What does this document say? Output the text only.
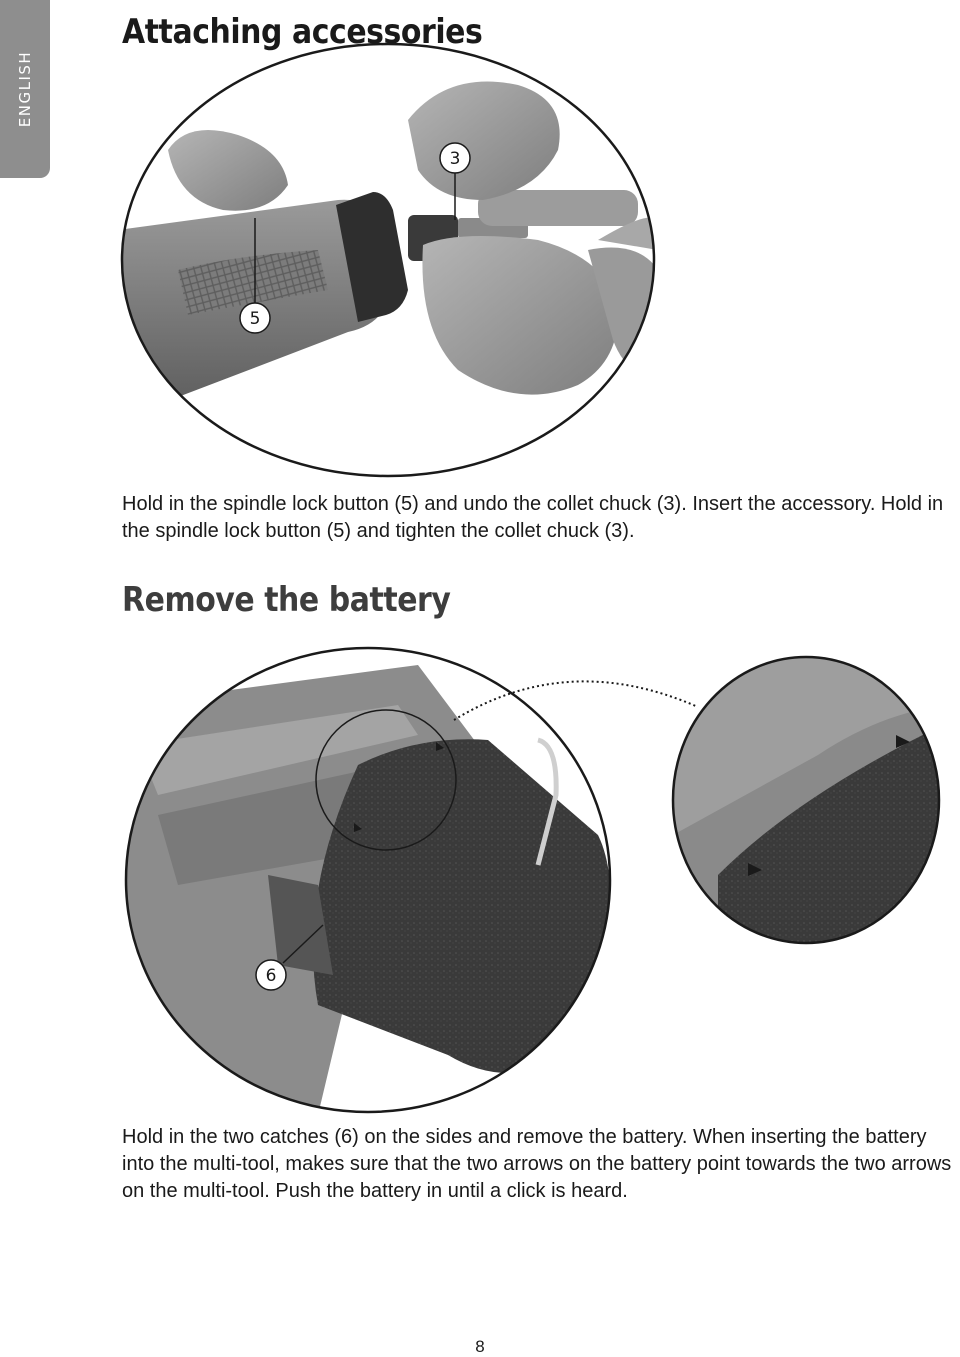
ENGLISH
Attaching accessories
3
5

Hold in the spindle lock button (5) and undo the collet chuck (3). Insert the accessory. Hold in the spindle lock button (5) and tighten the collet chuck (3).

Remove the battery
6

Hold in the two catches (6) on the sides and remove the battery. When inserting the battery into the multi-tool, makes sure that the two arrows on the battery point towards the two arrows on the multi-tool. Push the battery in until a click is heard.

8
